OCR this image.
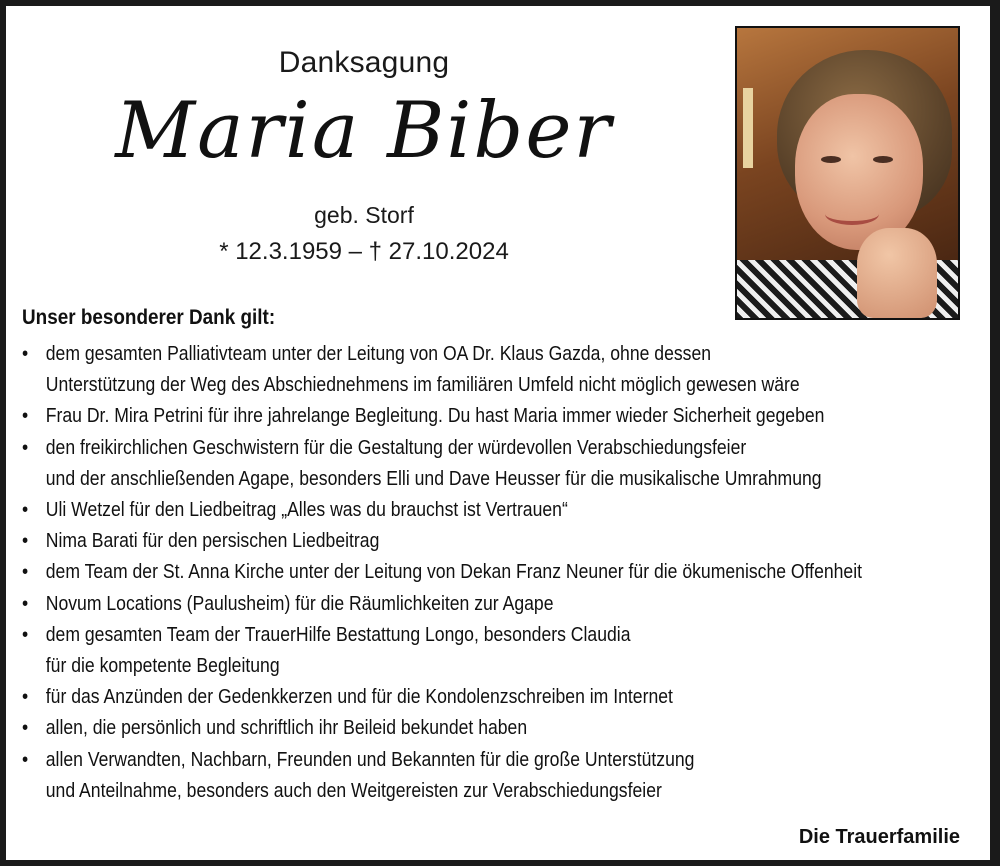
Danksagung
Maria Biber
geb. Storf
* 12.3.1959 – † 27.10.2024
Unser besonderer Dank gilt:
• dem gesamten Palliativteam unter der Leitung von OA Dr. Klaus Gazda, ohne dessen
Unterstützung der Weg des Abschiednehmens im familiären Umfeld nicht möglich gewesen wäre
• Frau Dr. Mira Petrini für ihre jahrelange Begleitung. Du hast Maria immer wieder Sicherheit gegeben
• den freikirchlichen Geschwistern für die Gestaltung der würdevollen Verabschiedungsfeier
und der anschließenden Agape, besonders Elli und Dave Heusser für die musikalische Umrahmung
• Uli Wetzel für den Liedbeitrag „Alles was du brauchst ist Vertrauen“
• Nima Barati für den persischen Liedbeitrag
• dem Team der St. Anna Kirche unter der Leitung von Dekan Franz Neuner für die ökumenische Offenheit
• Novum Locations (Paulusheim) für die Räumlichkeiten zur Agape
• dem gesamten Team der TrauerHilfe Bestattung Longo, besonders Claudia
für die kompetente Begleitung
• für das Anzünden der Gedenkkerzen und für die Kondolenzschreiben im Internet
• allen, die persönlich und schriftlich ihr Beileid bekundet haben
• allen Verwandten, Nachbarn, Freunden und Bekannten für die große Unterstützung
und Anteilnahme, besonders auch den Weitgereisten zur Verabschiedungsfeier
Die Trauerfamilie
